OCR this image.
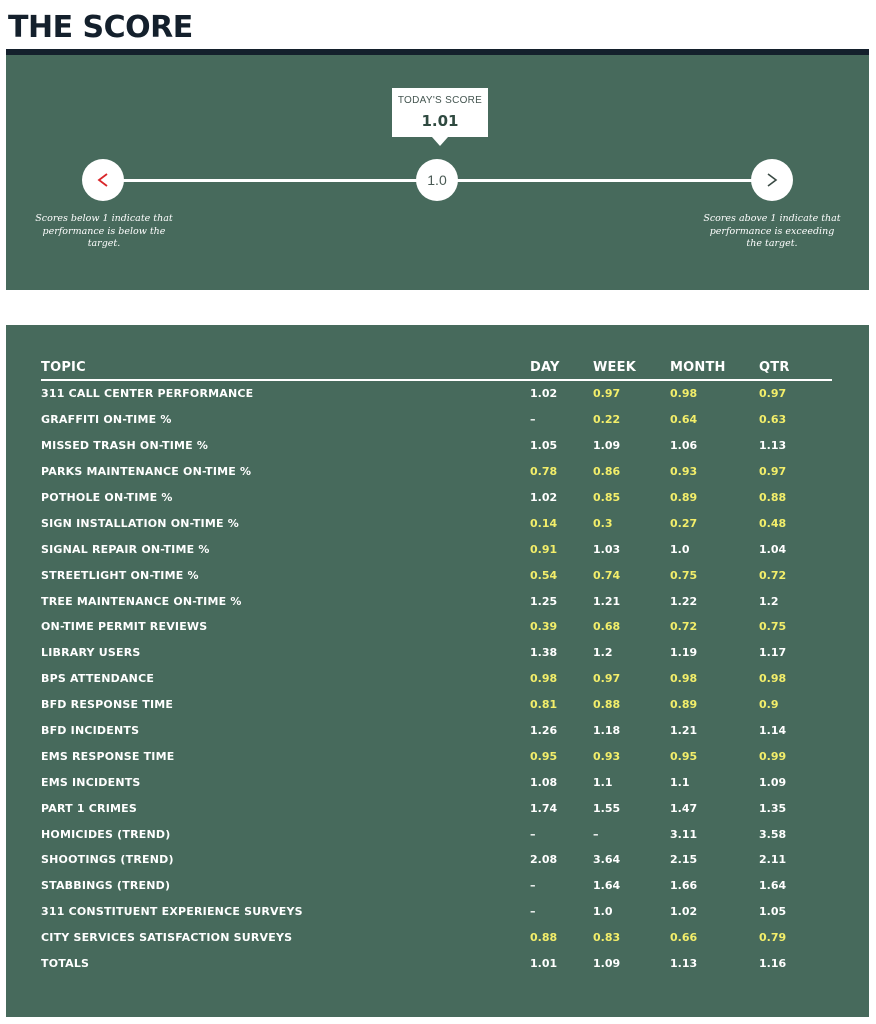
THE SCORE
1.0
TODAY'S SCORE
1.01
Scores below 1 indicate that performance is below the target.
Scores above 1 indicate that performance is exceeding the target.
TOPIC	DAY	WEEK	MONTH	QTR
311 CALL CENTER PERFORMANCE	1.02	0.97	0.98	0.97
GRAFFITI ON-TIME %	–	0.22	0.64	0.63
MISSED TRASH ON-TIME %	1.05	1.09	1.06	1.13
PARKS MAINTENANCE ON-TIME %	0.78	0.86	0.93	0.97
POTHOLE ON-TIME %	1.02	0.85	0.89	0.88
SIGN INSTALLATION ON-TIME %	0.14	0.3	0.27	0.48
SIGNAL REPAIR ON-TIME %	0.91	1.03	1.0	1.04
STREETLIGHT ON-TIME %	0.54	0.74	0.75	0.72
TREE MAINTENANCE ON-TIME %	1.25	1.21	1.22	1.2
ON-TIME PERMIT REVIEWS	0.39	0.68	0.72	0.75
LIBRARY USERS	1.38	1.2	1.19	1.17
BPS ATTENDANCE	0.98	0.97	0.98	0.98
BFD RESPONSE TIME	0.81	0.88	0.89	0.9
BFD INCIDENTS	1.26	1.18	1.21	1.14
EMS RESPONSE TIME	0.95	0.93	0.95	0.99
EMS INCIDENTS	1.08	1.1	1.1	1.09
PART 1 CRIMES	1.74	1.55	1.47	1.35
HOMICIDES (TREND)	–	–	3.11	3.58
SHOOTINGS (TREND)	2.08	3.64	2.15	2.11
STABBINGS (TREND)	–	1.64	1.66	1.64
311 CONSTITUENT EXPERIENCE SURVEYS	–	1.0	1.02	1.05
CITY SERVICES SATISFACTION SURVEYS	0.88	0.83	0.66	0.79
TOTALS	1.01	1.09	1.13	1.16
